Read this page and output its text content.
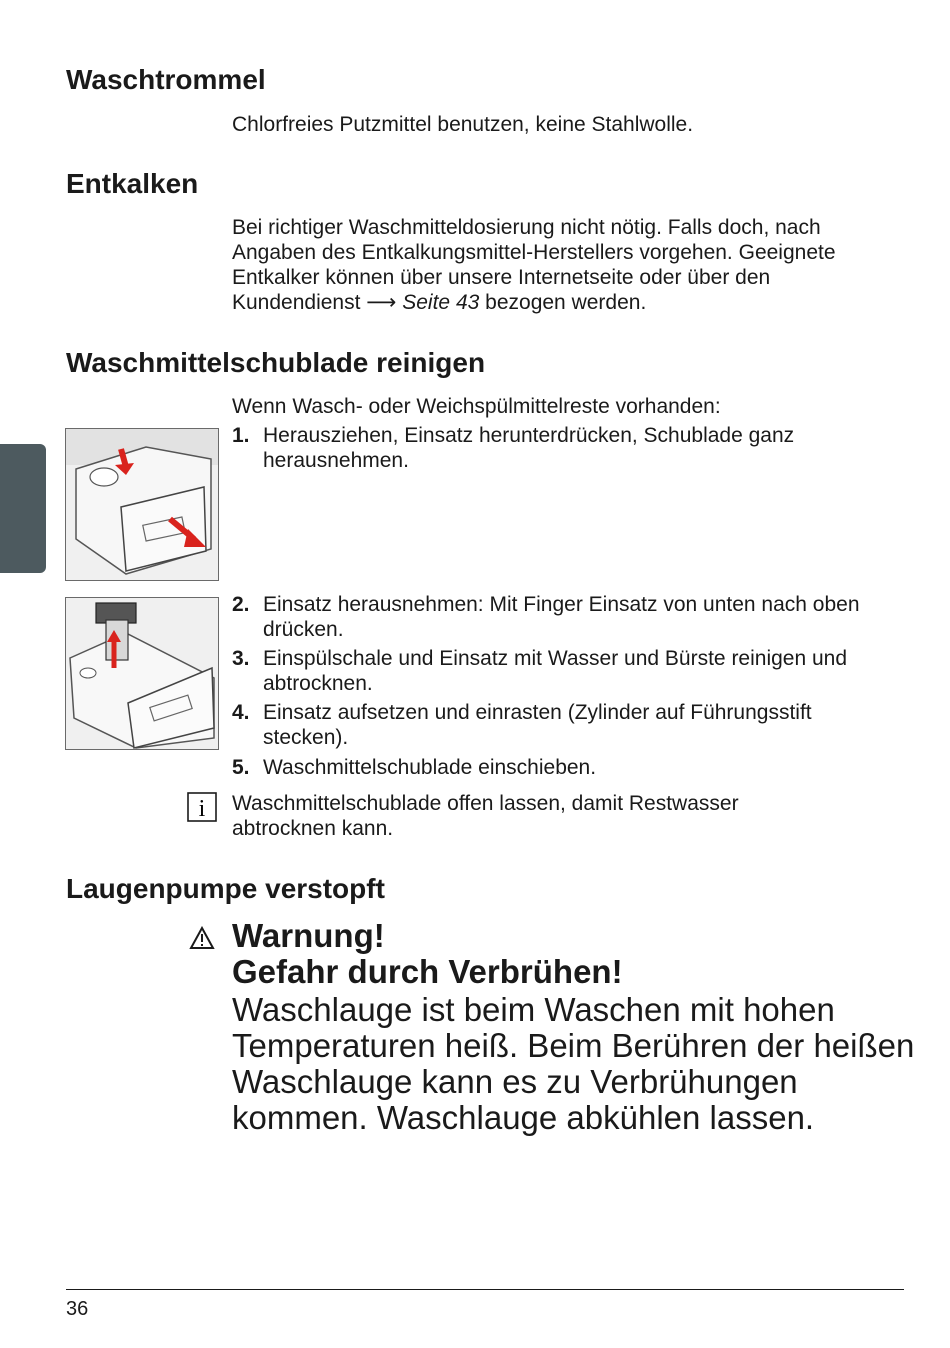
Waschtrommel

Chlorfreies Putzmittel benutzen, keine Stahlwolle.

Entkalken
Bei richtiger Waschmitteldosierung nicht nötig. Falls doch, nach
Angaben des Entkalkungsmittel-Herstellers vorgehen. Geeignete
Entkalker können über unsere Internetseite oder über den
Kundendienst ⟶ Seite 43 bezogen werden.
Waschmittelschublade reinigen

Wenn Wasch- oder Weichspülmittelreste vorhanden:

1. Herausziehen, Einsatz herunterdrücken, Schublade ganz herausnehmen.
2. Einsatz herausnehmen: Mit Finger Einsatz von unten nach oben drücken.
3. Einspülschale und Einsatz mit Wasser und Bürste reinigen und abtrocknen.
4. Einsatz aufsetzen und einrasten (Zylinder auf Führungsstift stecken).
5. Waschmittelschublade einschieben.
i Waschmittelschublade offen lassen, damit Restwasser abtrocknen kann.

Laugenpumpe verstopft
Warnung!
Gefahr durch Verbrühen!

Waschlauge ist beim Waschen mit hohen Temperaturen heiß. Beim Berühren der heißen Waschlauge kann es zu Verbrühungen kommen. Waschlauge abkühlen lassen.

36
